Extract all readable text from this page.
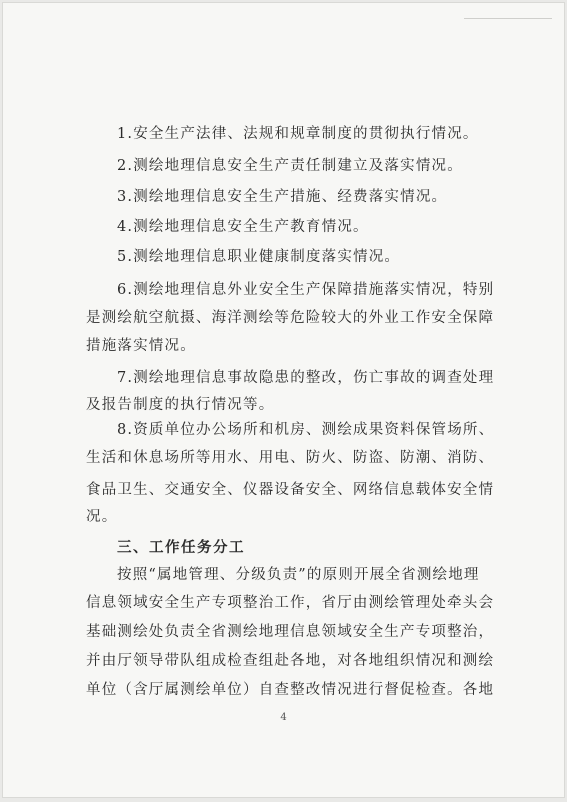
1.安全生产法律、法规和规章制度的贯彻执行情况。
2.测绘地理信息安全生产责任制建立及落实情况。
3.测绘地理信息安全生产措施、经费落实情况。
4.测绘地理信息安全生产教育情况。
5.测绘地理信息职业健康制度落实情况。
6.测绘地理信息外业安全生产保障措施落实情况，特别
是测绘航空航摄、海洋测绘等危险较大的外业工作安全保障
措施落实情况。
7.测绘地理信息事故隐患的整改，伤亡事故的调查处理
及报告制度的执行情况等。
8.资质单位办公场所和机房、测绘成果资料保管场所、
生活和休息场所等用水、用电、防火、防盗、防潮、消防、
食品卫生、交通安全、仪器设备安全、网络信息载体安全情
况。
三、工作任务分工
按照“属地管理、分级负责”的原则开展全省测绘地理
信息领域安全生产专项整治工作，省厅由测绘管理处牵头会
基础测绘处负责全省测绘地理信息领域安全生产专项整治，
并由厅领导带队组成检查组赴各地，对各地组织情况和测绘
单位（含厅属测绘单位）自查整改情况进行督促检查。各地
4
